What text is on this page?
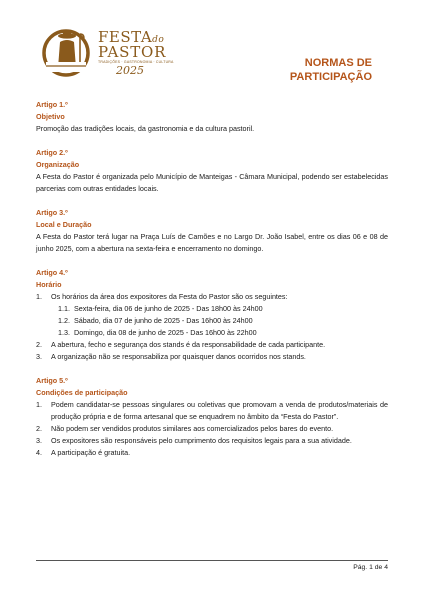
FESTAdo
PASTOR
TRADIÇÕES · GASTRONOMIA · CULTURA
2025
NORMAS DE
PARTICIPAÇÃO
Artigo 1.º
Objetivo
Promoção das tradições locais, da gastronomia e da cultura pastoril.
Artigo 2.º
Organização
A Festa do Pastor é organizada pelo Município de Manteigas - Câmara Municipal, podendo ser estabelecidas parcerias com outras entidades locais.
Artigo 3.º
Local e Duração
A Festa do Pastor terá lugar na Praça Luís de Camões e no Largo Dr. João Isabel, entre os dias 06 e 08 de junho 2025, com a abertura na sexta-feira e encerramento no domingo.
Artigo 4.º
Horário
1. Os horários da área dos expositores da Festa do Pastor são os seguintes:
1.1. Sexta-feira, dia 06 de junho de 2025 - Das 18h00 às 24h00
1.2. Sábado, dia 07 de junho de 2025 - Das 16h00 às 24h00
1.3. Domingo, dia 08 de junho de 2025 - Das 16h00 às 22h00
2. A abertura, fecho e segurança dos stands é da responsabilidade de cada participante.
3. A organização não se responsabiliza por quaisquer danos ocorridos nos stands.
Artigo 5.º
Condições de participação
1. Podem candidatar-se pessoas singulares ou coletivas que promovam a venda de produtos/materiais de produção própria e de forma artesanal que se enquadrem no âmbito da “Festa do Pastor”.
2. Não podem ser vendidos produtos similares aos comercializados pelos bares do evento.
3. Os expositores são responsáveis pelo cumprimento dos requisitos legais para a sua atividade.
4. A participação é gratuita.
Pág. 1 de 4
